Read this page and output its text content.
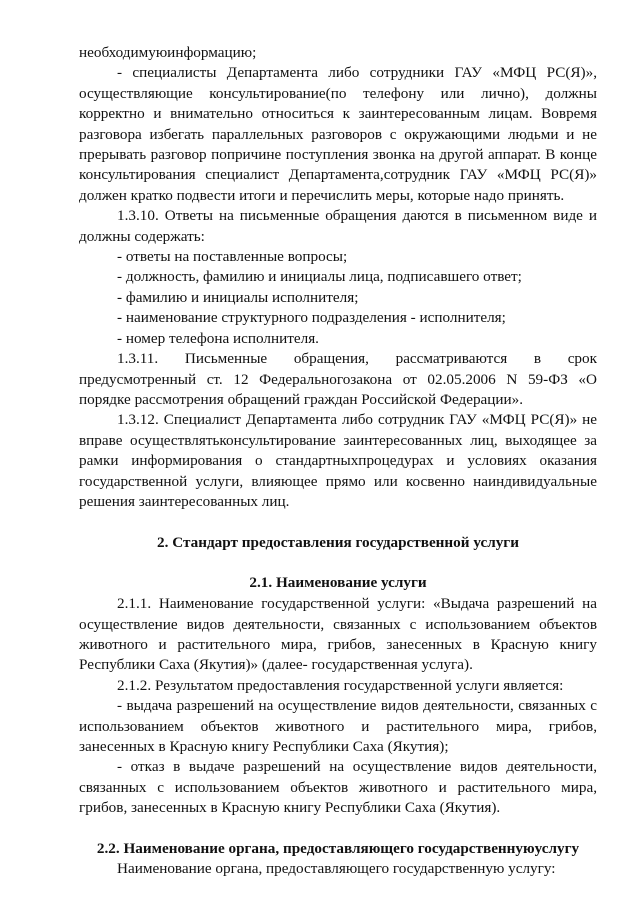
необходимуюинформацию;

- специалисты Департамента либо сотрудники ГАУ «МФЦ РС(Я)», осуществляющие консультирование(по телефону или лично), должны корректно и внимательно относиться к заинтересованным лицам. Вовремя разговора избегать параллельных разговоров с окружающими людьми и не прерывать разговор попричине поступления звонка на другой аппарат. В конце консультирования специалист Департамента,сотрудник ГАУ «МФЦ РС(Я)» должен кратко подвести итоги и перечислить меры, которые надо принять.

1.3.10. Ответы на письменные обращения даются в письменном виде и должны содержать:

- ответы на поставленные вопросы;

- должность, фамилию и инициалы лица, подписавшего ответ;

- фамилию и инициалы исполнителя;

- наименование структурного подразделения - исполнителя;

- номер телефона исполнителя.

1.3.11. Письменные обращения, рассматриваются в срок предусмотренный ст. 12 Федеральногозакона от 02.05.2006 N 59-ФЗ «О порядке рассмотрения обращений граждан Российской Федерации».

1.3.12. Специалист Департамента либо сотрудник ГАУ «МФЦ РС(Я)» не вправе осуществлятьконсультирование заинтересованных лиц, выходящее за рамки информирования о стандартныхпроцедурах и условиях оказания государственной услуги, влияющее прямо или косвенно наиндивидуальные решения заинтересованных лиц.

2. Стандарт предоставления государственной услуги

2.1. Наименование услуги

2.1.1. Наименование государственной услуги: «Выдача разрешений на осуществление видов деятельности, связанных с использованием объектов животного и растительного мира, грибов, занесенных в Красную книгу Республики Саха (Якутия)» (далее- государственная услуга).

2.1.2. Результатом предоставления государственной услуги является:

- выдача разрешений на осуществление видов деятельности, связанных с использованием объектов животного и растительного мира, грибов, занесенных в Красную книгу Республики Саха (Якутия);

- отказ в выдаче разрешений на осуществление видов деятельности, связанных с использованием объектов животного и растительного мира, грибов, занесенных в Красную книгу Республики Саха (Якутия).

2.2. Наименование органа, предоставляющего государственнуюуслугу

Наименование органа, предоставляющего государственную услугу:
